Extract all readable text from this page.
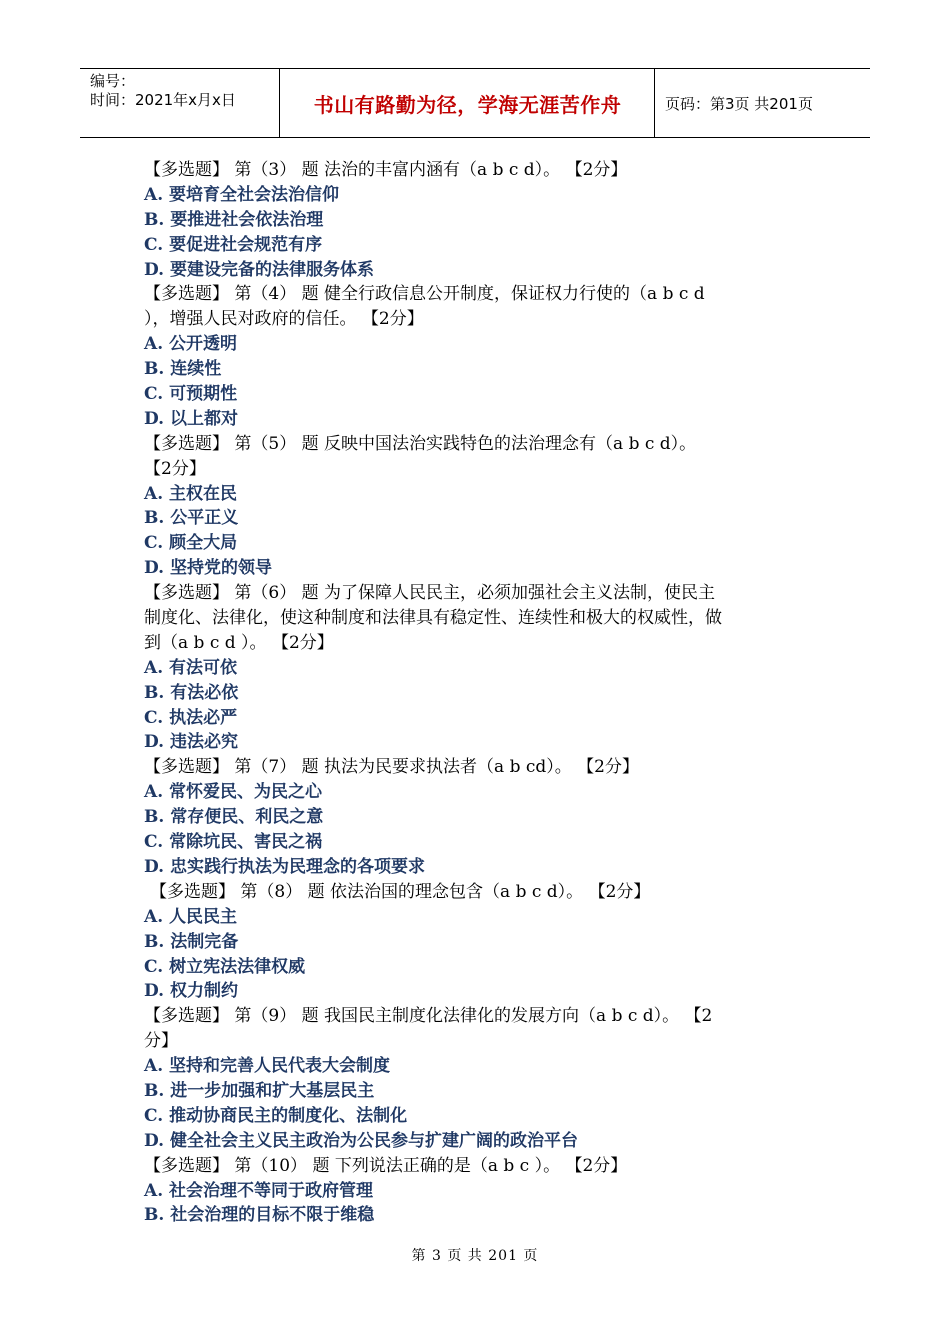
编号：
时间：2021年x月x日	书山有路勤为径，学海无涯苦作舟	页码：第3页 共201页
【多选题】 第（3） 题 法治的丰富内涵有（a b c d）。 【2分】
A. 要培育全社会法治信仰
B. 要推进社会依法治理
C. 要促进社会规范有序
D. 要建设完备的法律服务体系
【多选题】 第（4） 题 健全行政信息公开制度，保证权力行使的（a b c d
），增强人民对政府的信任。 【2分】
A. 公开透明
B. 连续性
C. 可预期性
D. 以上都对
【多选题】 第（5） 题 反映中国法治实践特色的法治理念有（a b c d）。
【2分】
A. 主权在民
B. 公平正义
C. 顾全大局
D. 坚持党的领导
【多选题】 第（6） 题 为了保障人民民主，必须加强社会主义法制，使民主
制度化、法律化，使这种制度和法律具有稳定性、连续性和极大的权威性，做
到（a b c d ）。 【2分】
A. 有法可依
B. 有法必依
C. 执法必严
D. 违法必究
【多选题】 第（7） 题 执法为民要求执法者（a b cd）。 【2分】
A. 常怀爱民、为民之心
B. 常存便民、利民之意
C. 常除坑民、害民之祸
D. 忠实践行执法为民理念的各项要求
【多选题】 第（8） 题 依法治国的理念包含（a b c d）。 【2分】
A. 人民民主
B. 法制完备
C. 树立宪法法律权威
D. 权力制约
【多选题】 第（9） 题 我国民主制度化法律化的发展方向（a b c d）。 【2
分】
A. 坚持和完善人民代表大会制度
B. 进一步加强和扩大基层民主
C. 推动协商民主的制度化、法制化
D. 健全社会主义民主政治为公民参与扩建广阔的政治平台
【多选题】 第（10） 题 下列说法正确的是（a b c ）。 【2分】
A. 社会治理不等同于政府管理
B. 社会治理的目标不限于维稳
第 3 页 共 201 页
